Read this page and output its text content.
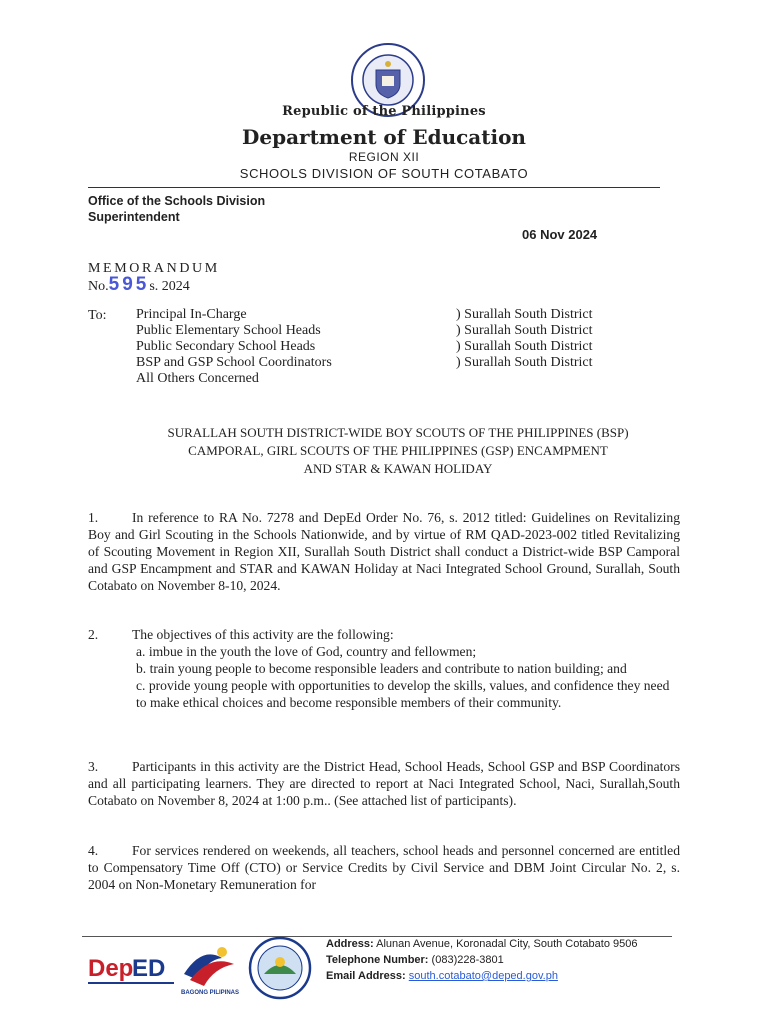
Republic of the Philippines
Department of Education
REGION XII
SCHOOLS DIVISION OF SOUTH COTABATO
Office of the Schools Division
Superintendent
06 Nov 2024
MEMORANDUM
No.595s. 2024
To: Principal In-Charge
Public Elementary School Heads
Public Secondary School Heads
BSP and GSP School Coordinators
All Others Concerned
) Surallah South District
) Surallah South District
) Surallah South District
) Surallah South District
SURALLAH SOUTH DISTRICT-WIDE BOY SCOUTS OF THE PHILIPPINES (BSP)
CAMPORAL, GIRL SCOUTS OF THE PHILIPPINES (GSP) ENCAMPMENT
AND STAR & KAWAN HOLIDAY
1. In reference to RA No. 7278 and DepEd Order No. 76, s. 2012 titled: Guidelines on Revitalizing Boy and Girl Scouting in the Schools Nationwide, and by virtue of RM QAD-2023-002 titled Revitalizing of Scouting Movement in Region XII, Surallah South District shall conduct a District-wide BSP Camporal and GSP Encampment and STAR and KAWAN Holiday at Naci Integrated School Ground, Surallah, South Cotabato on November 8-10, 2024.
2. The objectives of this activity are the following:
a. imbue in the youth the love of God, country and fellowmen;
b. train young people to become responsible leaders and contribute to nation building; and
c. provide young people with opportunities to develop the skills, values, and confidence they need to make ethical choices and become responsible members of their community.
3. Participants in this activity are the District Head, School Heads, School GSP and BSP Coordinators and all participating learners. They are directed to report at Naci Integrated School, Naci, Surallah,South Cotabato on November 8, 2024 at 1:00 p.m.. (See attached list of participants).
4. For services rendered on weekends, all teachers, school heads and personnel concerned are entitled to Compensatory Time Off (CTO) or Service Credits by Civil Service and DBM Joint Circular No. 2, s. 2004 on Non-Monetary Remuneration for
Dep
ED
BAGONG PILIPINAS
Address: Alunan Avenue, Koronadal City, South Cotabato 9506
Telephone Number: (083)228-3801
Email Address: south.cotabato@deped.gov.ph
